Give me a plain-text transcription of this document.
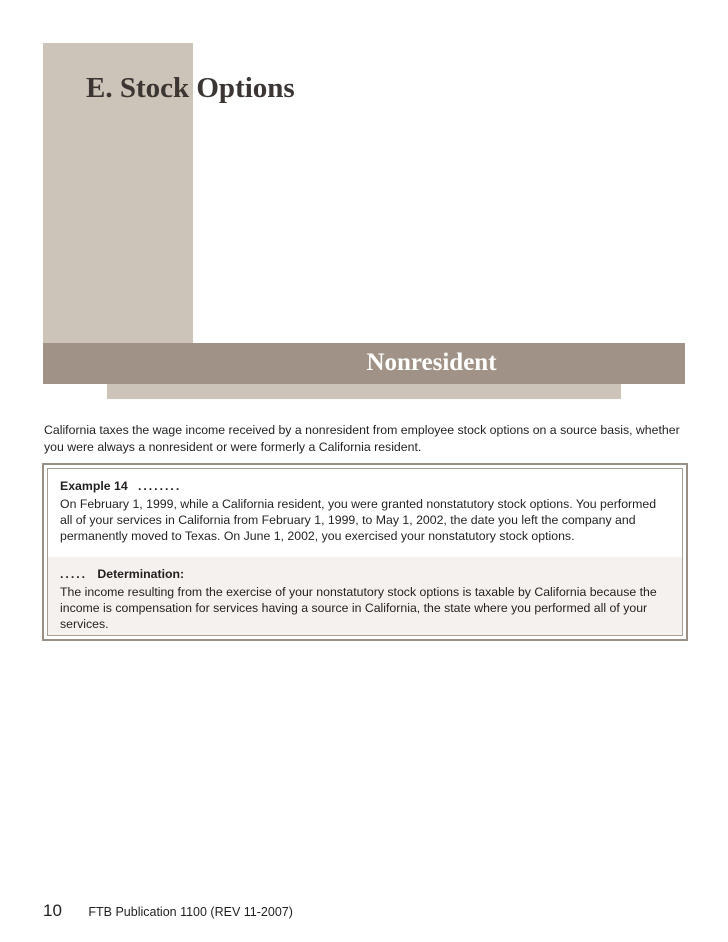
E. Stock Options
Nonresident

California taxes the wage income received by a nonresident from employee stock options on a source basis, whether you were always a nonresident or were formerly a California resident.

Example 14 ........

On February 1, 1999, while a California resident, you were granted nonstatutory stock options. You performed all of your services in California from February 1, 1999, to May 1, 2002, the date you left the company and permanently moved to Texas. On June 1, 2002, you exercised your nonstatutory stock options.

..... Determination:

The income resulting from the exercise of your nonstatutory stock options is taxable by California because the income is compensation for services having a source in California, the state where you performed all of your services.

10 FTB Publication 1100 (REV 11-2007)
